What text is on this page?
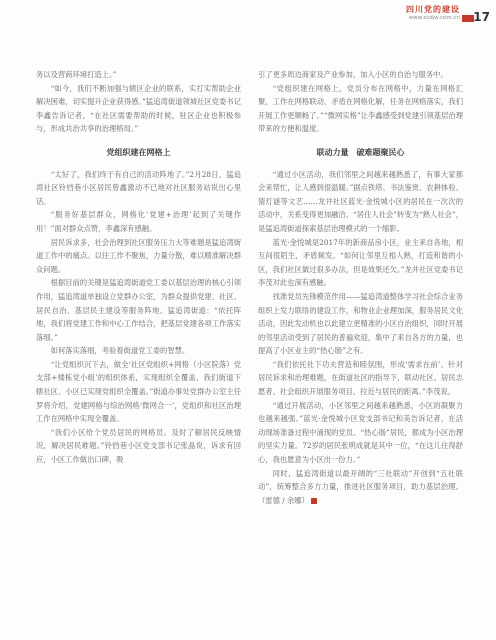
四川党的建设
www.scdjw.com.cn 17

务以及营商环境打造上。”

“如今，我们不断加强与辖区企业的联系，实打实帮助企业解决困难，切实提升企业获得感。”猛追湾街道领城社区党委书记李鑫告诉记者，“在社区需要帮助的时候，驻区企业也积极参与，形成共治共享的治理格局。”

党组织建在网格上

“太好了，我们终于有自己的活动阵地了。”2月28日，猛追湾社区铃铛巷小区居民曾鑫激动不已地对社区服务站说出心里话。

“服务好基层群众，网格化‘党建+治理’起到了关键作用！”面对群众点赞，李鑫深有感触。

居民诉求多，社会治理到社区服务压力大等难题是猛追湾街道工作中的痛点。以往工作不聚焦，力量分散，难以精准解决群众问题。

根据目前的关键是猛追湾街道党工委以基层治理的核心引领作用，猛追湾道单独设立党群办公室，为群众提供党建、社区、居民自治、基层民主建设等服务阵地。猛追湾街道：“依托阵地，我们将党建工作和中心工作结合，把基层党建各项工作落实落细。”

如何落实落细，考验着街道党工委的智慧。

“让党组织沉下去，做全‘社区党组织+网格（小区院落）党支部+楼栋党小组’的组织体系，实现组织全覆盖，我们街道下辖社区、小区已实现党组织全覆盖。”街道办事处党群办公室主任罗将介绍，党建网格与综治网格‘微网合一’，党组织和社区治理工作在网格中实现全覆盖。

“我们小区给个党员居民的网格员。及时了解居民反映情况，解决居民难题。”铃铛巷小区党支部书记张晶说，诉求有回应，小区工作做出口碑，吸

引了更多周边商家及产业参加，加入小区的自治与服务中。

“党组织建在网格上，党员分布在网格中，力量在网格汇聚，工作在网格联动，矛盾在网格化解，任务在网格落实，我们开展工作更顺畅了。”“微网实格”让李鑫感受到党建引领基层治理带来的方便和温度。

联动力量　破难题聚民心

“通过小区活动，我们邻里之间越来越熟悉了，有事大家都会来帮忙，让人感到很温暖。”据点铁塔、书法鉴赏、农耕体验、猜灯谜等文艺……龙井社区蓝光·金悦城小区的居民在一次次的活动中，关系变得更加融洽。“居住人社会”转变为“熟人社会”，是猛追湾街道探索基层治理模式的一个缩影。

蓝光·金悦城是2017年的新商品房小区，业主来自各地，相互间很陌生，矛盾频发。“如何让邻里互相人熟，打造和谐的小区，我们社区做过很多办法，但是效果还欠。”龙井社区党委书记李茂对此也深有感触。

找准党员先锋模范作用——猛追湾道整体学习社会综合业务组织上发力联络的建设工作，和物业企业理加深，服务居民文化活动，因此发动机也以此建立更精准的小区自治组织，同时开展的邻里活动受到了居民的普遍欢迎，集中了来自各方的力量，也提高了小区业主的“热心肠”之有。

“我们依托社下功夫营造和睦氛围，形成‘需求在前’、针对居民诉求和治理难题，在街道社区的指导下，联动社区、居民志愿者、社会组织开展服务项目，拉近与居民的距离。”李茂说。

“通过开展活动，小区邻里之间越来越熟悉，小区的凝聚力也越来越强。”蓝光·金悦城小区党支部书记和美告诉记者，在活动现场准备过程中涌现的党员、“热心肠”居民，都成为小区治理的坚实力量。72岁的居民张明成就是其中一位，“在这儿住得舒心，我也愿意为小区出一份力。”

同时，猛追湾街道以最开阔的“三社联动”开创到“五社联动”，统筹整合多方力量，推进社区服务项目，助力基层治理。（雷德 / 余娜）
